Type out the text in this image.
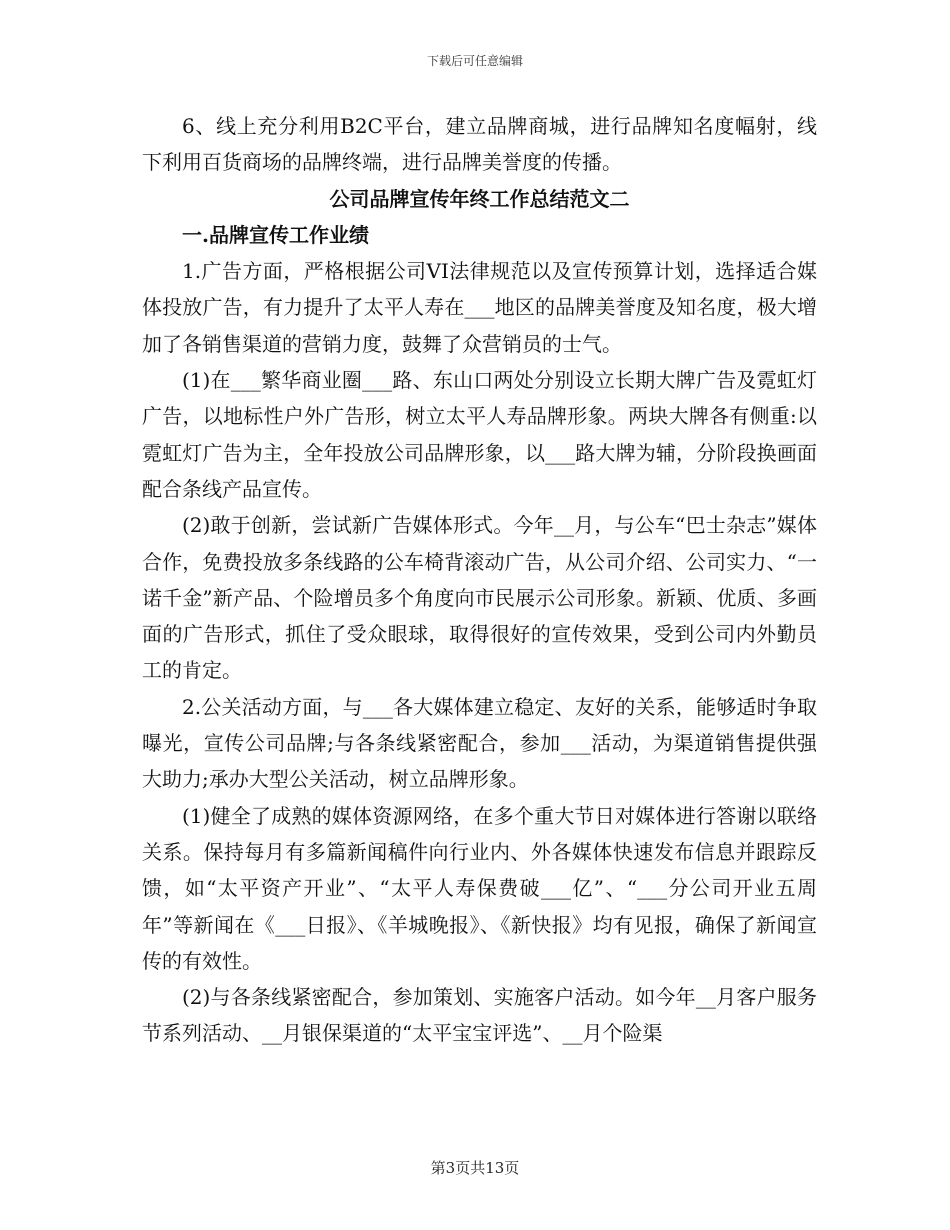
下载后可任意编辑

6、线上充分利用B2C平台，建立品牌商城，进行品牌知名度幅射，线下利用百货商场的品牌终端，进行品牌美誉度的传播。

公司品牌宣传年终工作总结范文二

一.品牌宣传工作业绩

1.广告方面，严格根据公司VI法律规范以及宣传预算计划，选择适合媒体投放广告，有力提升了太平人寿在___地区的品牌美誉度及知名度，极大增加了各销售渠道的营销力度，鼓舞了众营销员的士气。

(1)在___繁华商业圈___路、东山口两处分别设立长期大牌广告及霓虹灯广告，以地标性户外广告形，树立太平人寿品牌形象。两块大牌各有侧重:以霓虹灯广告为主，全年投放公司品牌形象，以___路大牌为辅，分阶段换画面配合条线产品宣传。

(2)敢于创新，尝试新广告媒体形式。今年__月，与公车“巴士杂志”媒体合作，免费投放多条线路的公车椅背滚动广告，从公司介绍、公司实力、“一诺千金”新产品、个险增员多个角度向市民展示公司形象。新颖、优质、多画面的广告形式，抓住了受众眼球，取得很好的宣传效果，受到公司内外勤员工的肯定。

2.公关活动方面，与___各大媒体建立稳定、友好的关系，能够适时争取曝光，宣传公司品牌;与各条线紧密配合，参加___活动，为渠道销售提供强大助力;承办大型公关活动，树立品牌形象。

(1)健全了成熟的媒体资源网络，在多个重大节日对媒体进行答谢以联络关系。保持每月有多篇新闻稿件向行业内、外各媒体快速发布信息并跟踪反馈，如“太平资产开业”、“太平人寿保费破___亿”、“___分公司开业五周年”等新闻在《___日报》、《羊城晚报》、《新快报》均有见报，确保了新闻宣传的有效性。

(2)与各条线紧密配合，参加策划、实施客户活动。如今年__月客户服务节系列活动、__月银保渠道的“太平宝宝评选”、__月个险渠

第3页共13页
